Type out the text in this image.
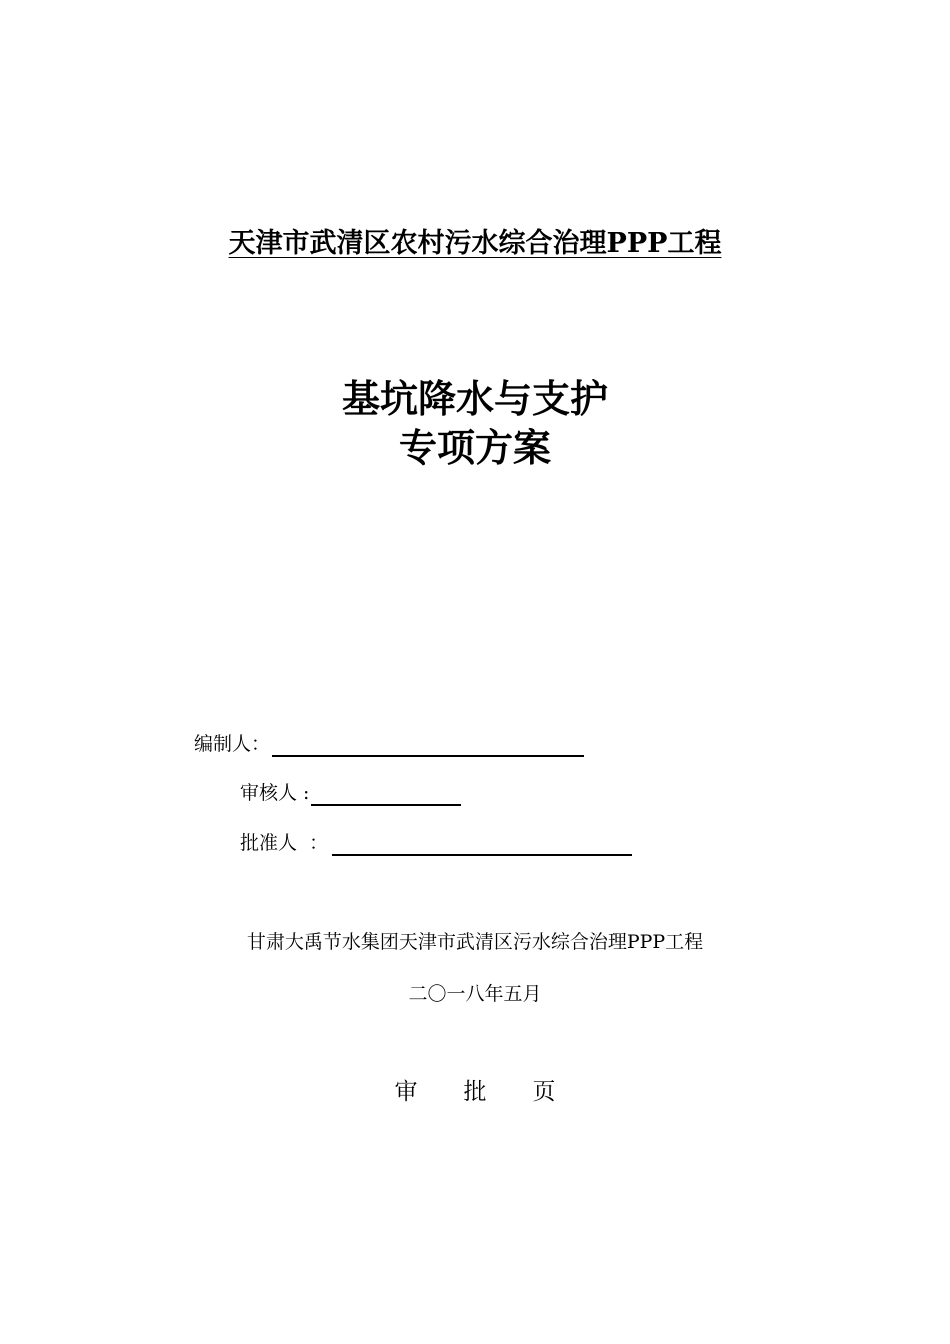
天津市武清区农村污水综合治理PPP工程
基坑降水与支护
专项方案
编制人：
审核人 :
批准人  ：
甘肃大禹节水集团天津市武清区污水综合治理PPP工程
二〇一八年五月
审　　批　　页
